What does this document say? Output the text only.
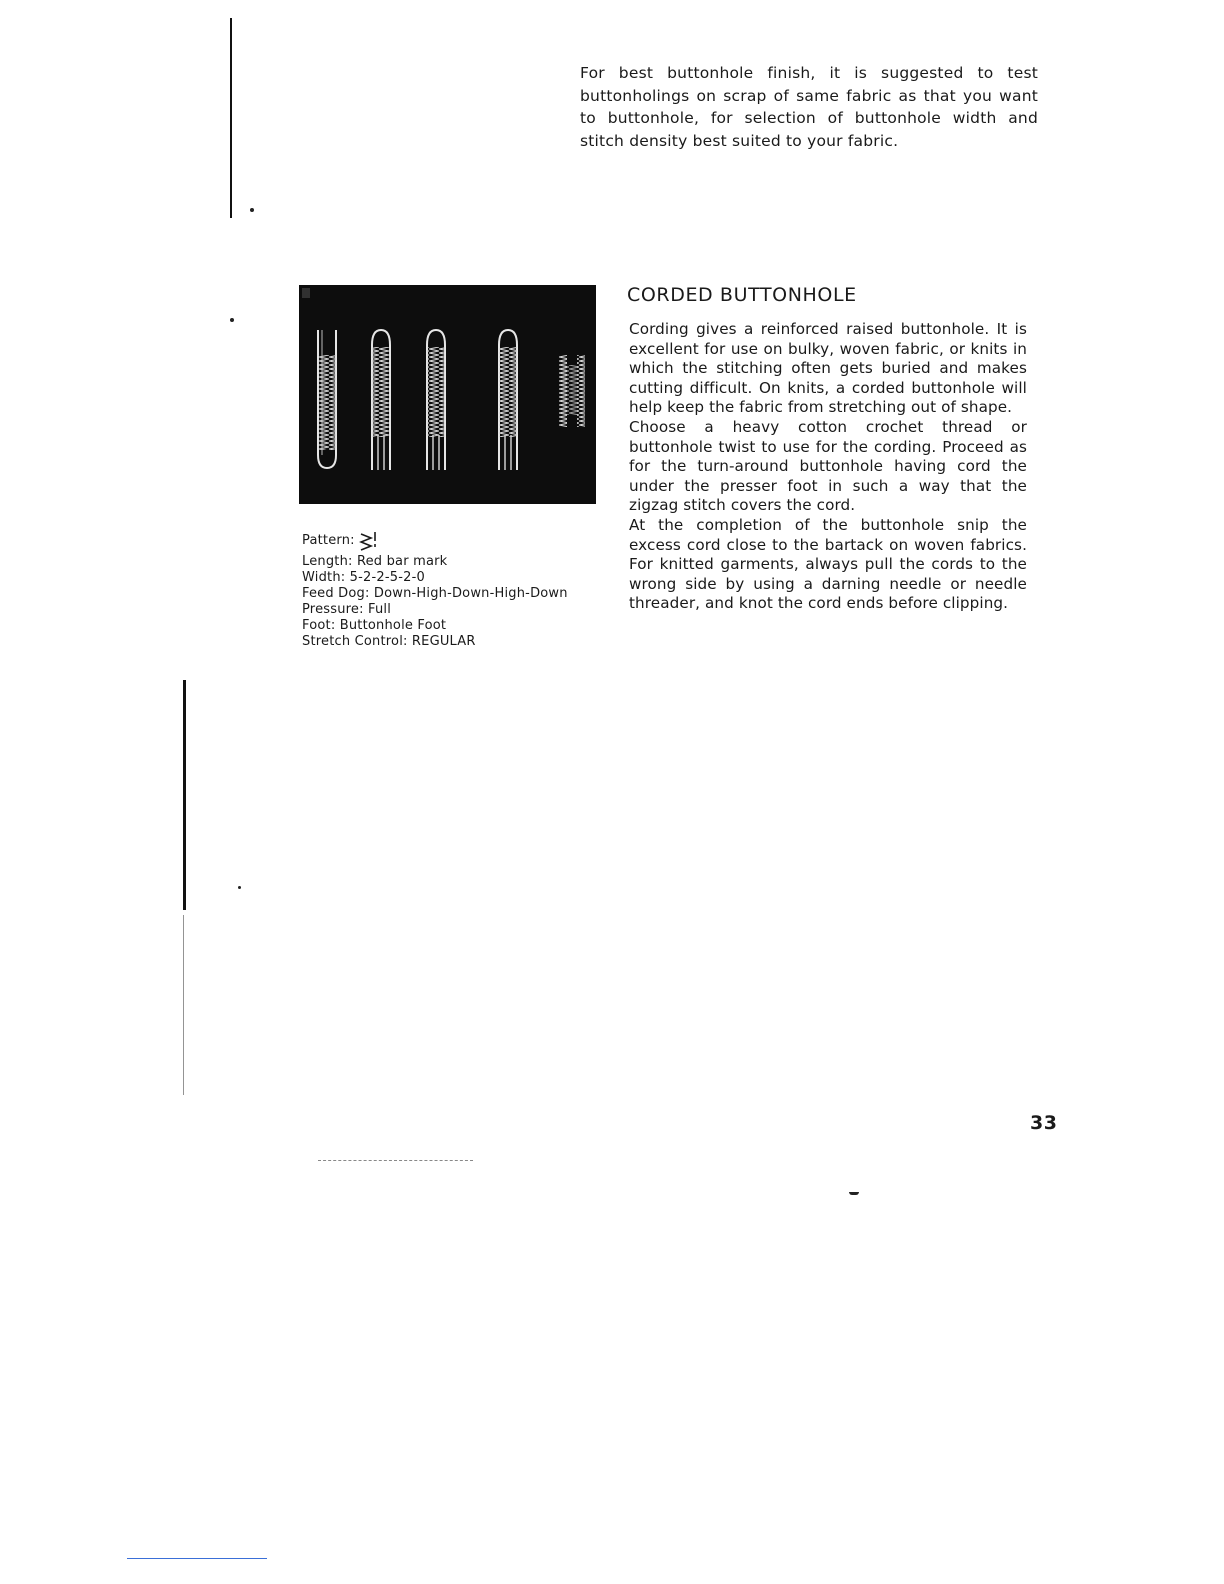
For best buttonhole finish, it is suggested to test buttonholings on scrap of same fabric as that you want to buttonhole, for selection of buttonhole width and stitch density best suited to your fabric.
Pattern:
Length: Red bar mark
Width: 5-2-2-5-2-0
Feed Dog: Down-High-Down-High-Down
Pressure: Full
Foot: Buttonhole Foot
Stretch Control: REGULAR
CORDED BUTTONHOLE

Cording gives a reinforced raised buttonhole. It is excellent for use on bulky, woven fabric, or knits in which the stitching often gets buried and makes cutting difficult. On knits, a corded buttonhole will help keep the fabric from stretching out of shape.

Choose a heavy cotton crochet thread or buttonhole twist to use for the cording. Proceed as for the turn-around buttonhole having cord the under the presser foot in such a way that the zigzag stitch covers the cord.

At the completion of the buttonhole snip the excess cord close to the bartack on woven fabrics. For knitted garments, always pull the cords to the wrong side by using a darning needle or needle threader, and knot the cord ends before clipping.

33
